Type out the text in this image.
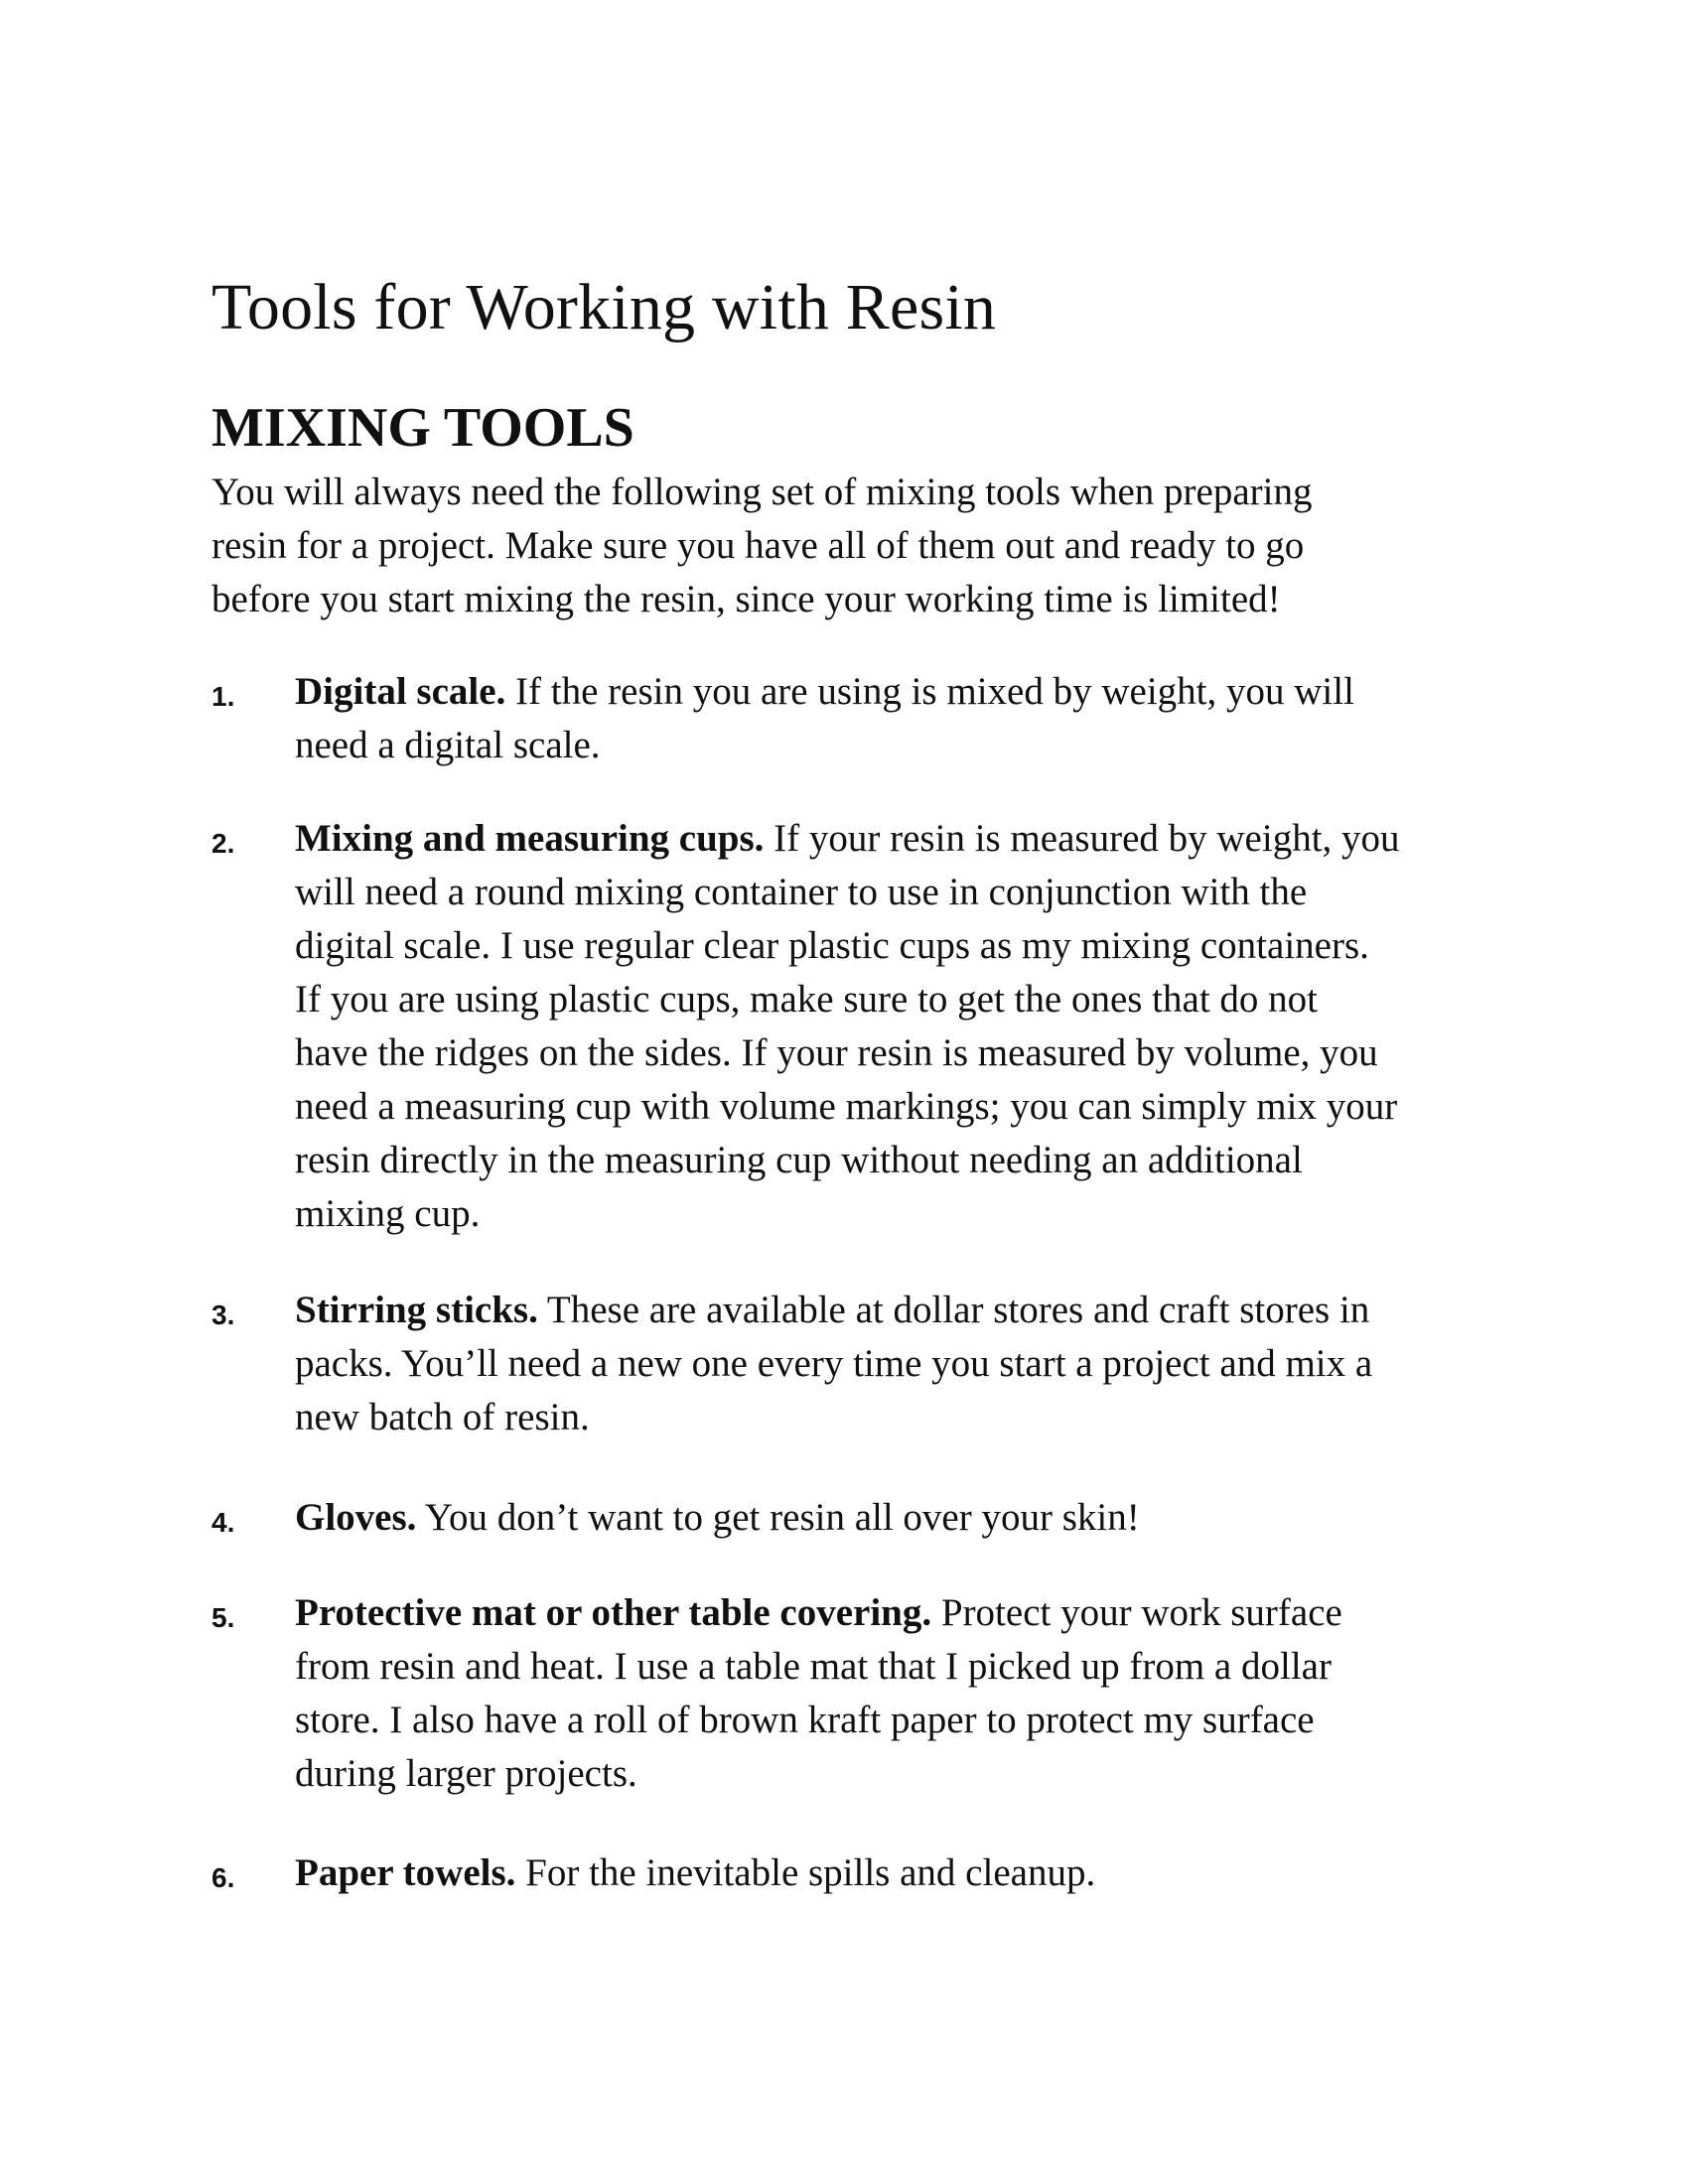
Tools for Working with Resin
MIXING TOOLS

You will always need the following set of mixing tools when preparing
resin for a project. Make sure you have all of them out and ready to go
before you start mixing the resin, since your working time is limited!

1. Digital scale. If the resin you are using is mixed by weight, you will
need a digital scale.
2. Mixing and measuring cups. If your resin is measured by weight, you
will need a round mixing container to use in conjunction with the
digital scale. I use regular clear plastic cups as my mixing containers.
If you are using plastic cups, make sure to get the ones that do not
have the ridges on the sides. If your resin is measured by volume, you
need a measuring cup with volume markings; you can simply mix your
resin directly in the measuring cup without needing an additional
mixing cup.
3. Stirring sticks. These are available at dollar stores and craft stores in
packs. You’ll need a new one every time you start a project and mix a
new batch of resin.
4. Gloves. You don’t want to get resin all over your skin!
5. Protective mat or other table covering. Protect your work surface
from resin and heat. I use a table mat that I picked up from a dollar
store. I also have a roll of brown kraft paper to protect my surface
during larger projects.
6. Paper towels. For the inevitable spills and cleanup.
